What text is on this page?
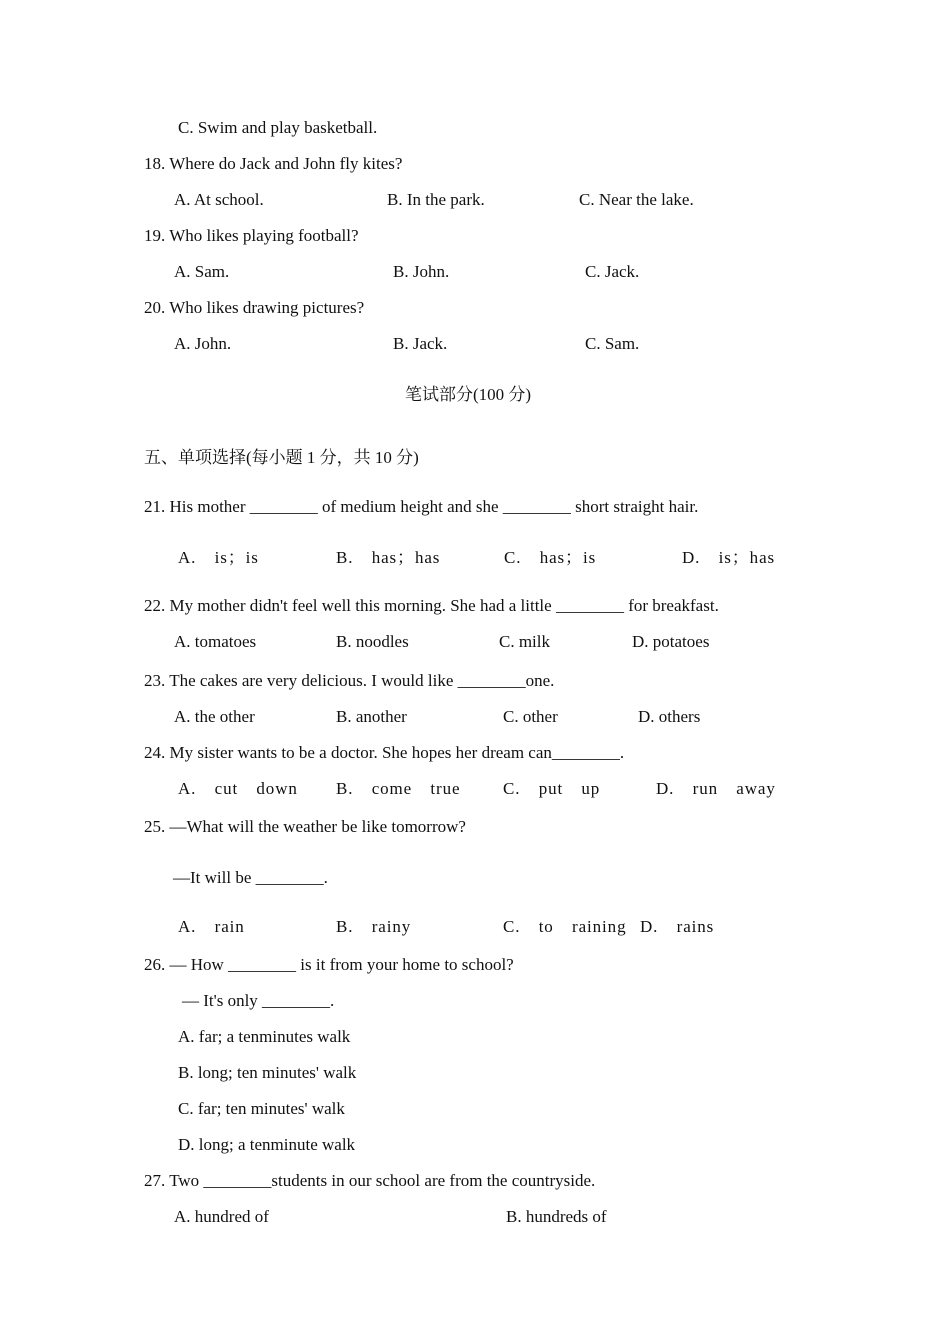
C. Swim and play basketball.
18. Where do Jack and John fly kites?
A. At school.	B. In the park.	C. Near the lake.
19. Who likes playing football?
A. Sam.	B. John.	C. Jack.
20. Who likes drawing pictures?
A. John.	B. Jack.	C. Sam.
笔试部分(100 分)
五、单项选择(每小题 1 分，共 10 分)
21. His mother ________ of medium height and she ________ short straight hair.
A.  is；is	B.  has；has	C.  has；is	D.  is；has
22. My mother didn't feel well this morning. She had a little ________ for breakfast.
A. tomatoes	B. noodles	C. milk	D. potatoes
23. The cakes are very delicious. I would like ________one.
A. the other	B. another	C. other	D. others
24. My sister wants to be a doctor. She hopes her dream can________.
A.  cut  down B.  come  true	C.  put  up	D.  run  away
25. —What will the weather be like tomorrow?
—It will be ________.
A.  rain	B.  rainy	C.  to  raining D.  rains
26. — How ________ is it from your home to school?
— It's only ________.
A. far; a tenminutes walk
B. long; ten minutes' walk
C. far; ten minutes' walk
D. long; a tenminute walk
27. Two ________students in our school are from the countryside.
A. hundred of	B. hundreds of
